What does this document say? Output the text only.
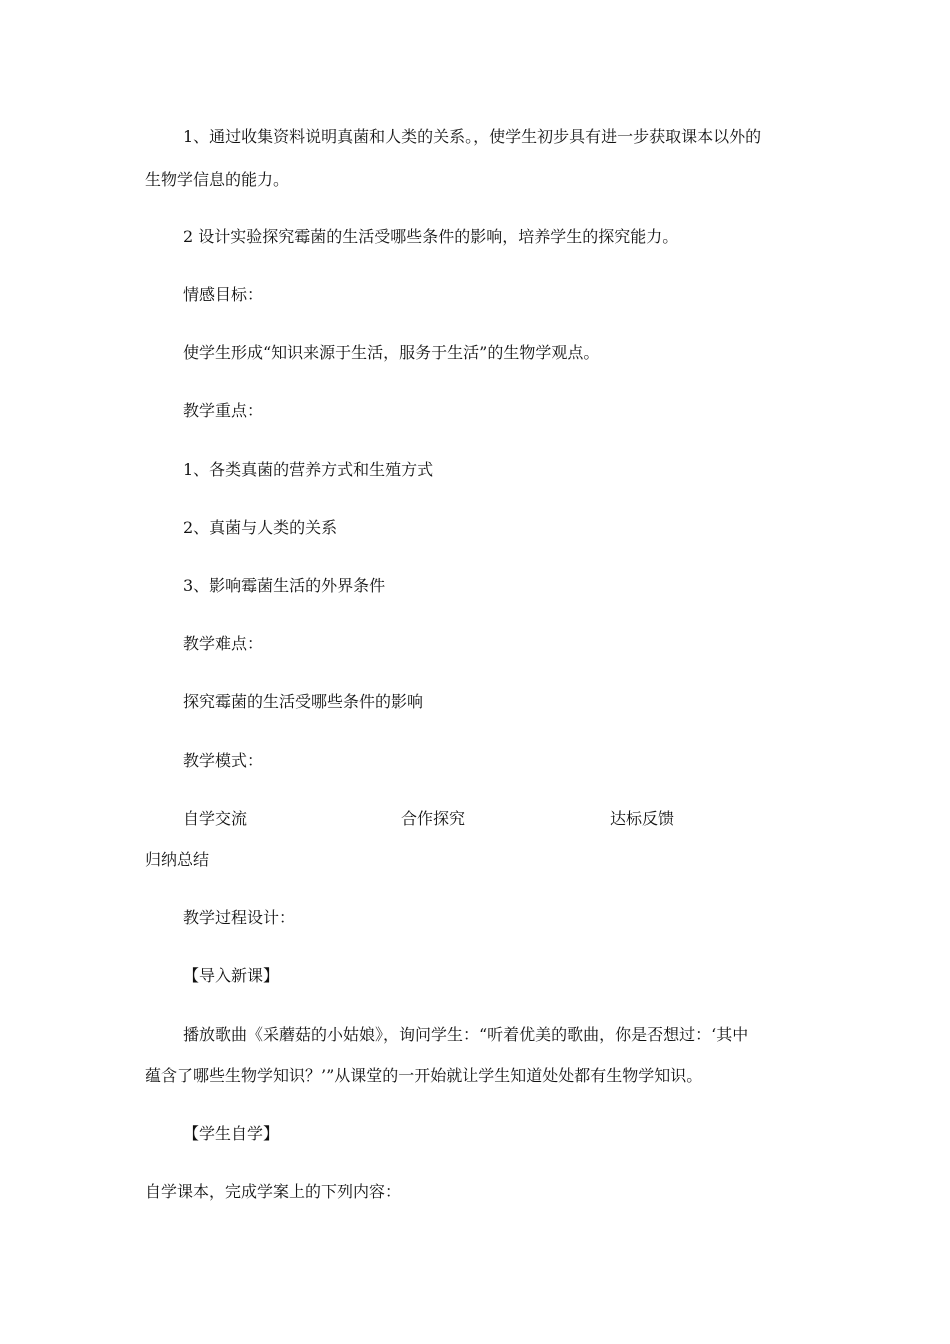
1、通过收集资料说明真菌和人类的关系。，使学生初步具有进一步获取课本以外的
生物学信息的能力。
2 设计实验探究霉菌的生活受哪些条件的影响，培养学生的探究能力。
情感目标：
使学生形成“知识来源于生活，服务于生活”的生物学观点。
教学重点：
1、各类真菌的营养方式和生殖方式
2、真菌与人类的关系
3、影响霉菌生活的外界条件
教学难点：
探究霉菌的生活受哪些条件的影响
教学模式：
自学交流	合作探究	达标反馈
归纳总结
教学过程设计：
【导入新课】
播放歌曲《采蘑菇的小姑娘》，询问学生：“听着优美的歌曲，你是否想过：‘其中
蕴含了哪些生物学知识？’”从课堂的一开始就让学生知道处处都有生物学知识。
【学生自学】
自学课本，完成学案上的下列内容：
